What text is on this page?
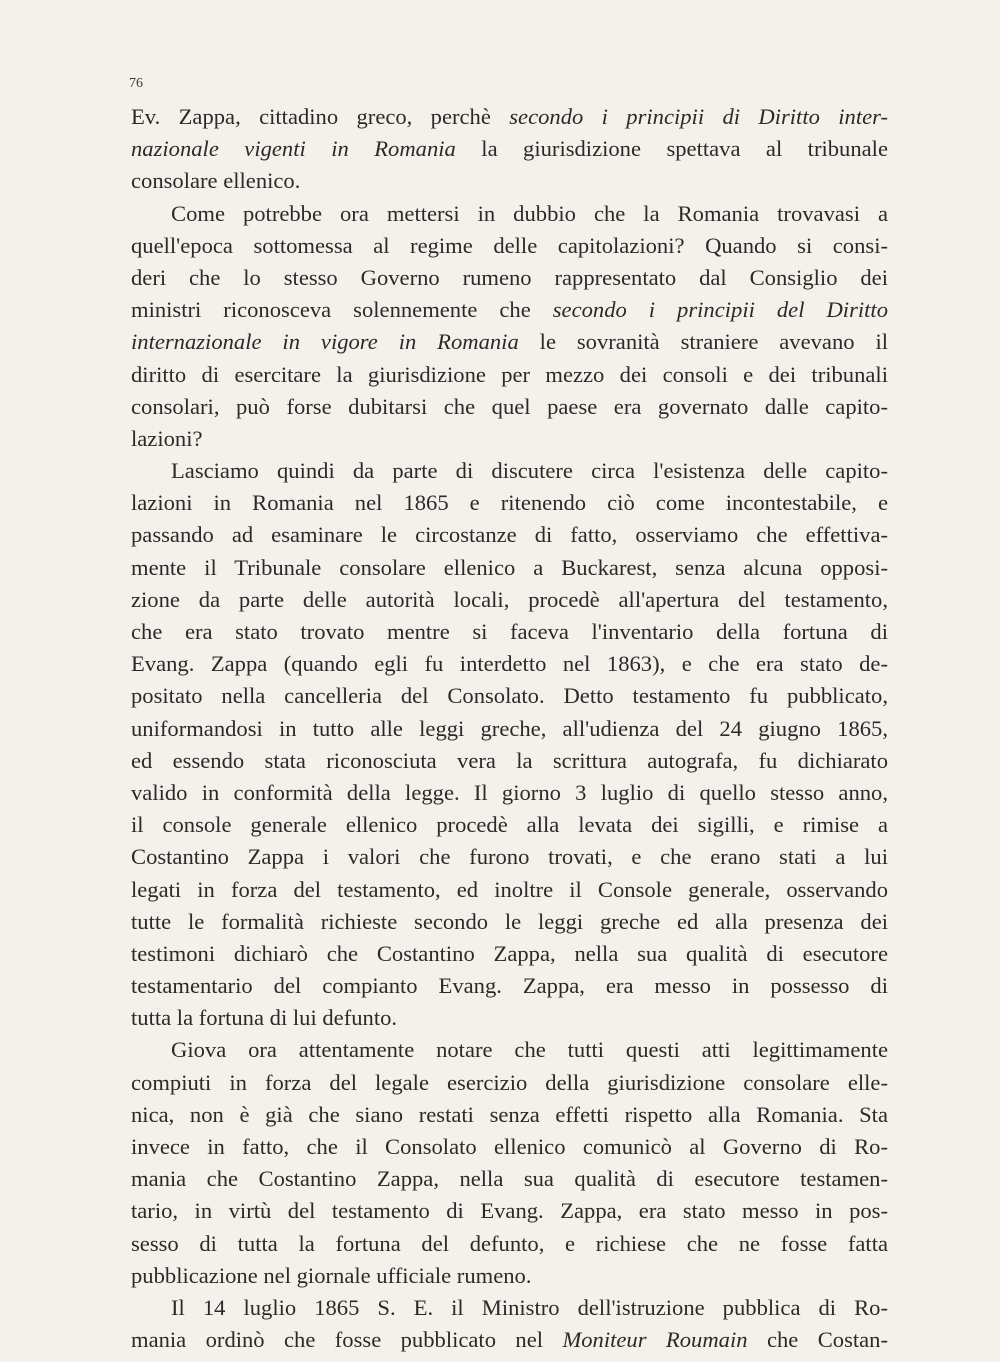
76
Ev. Zappa, cittadino greco, perchè secondo i principii di Diritto inter-
nazionale vigenti in Romania la giurisdizione spettava al tribunale
consolare ellenico.
Come potrebbe ora mettersi in dubbio che la Romania trovavasi a
quell'epoca sottomessa al regime delle capitolazioni? Quando si consi-
deri che lo stesso Governo rumeno rappresentato dal Consiglio dei
ministri riconosceva solennemente che secondo i principii del Diritto
internazionale in vigore in Romania le sovranità straniere avevano il
diritto di esercitare la giurisdizione per mezzo dei consoli e dei tribunali
consolari, può forse dubitarsi che quel paese era governato dalle capito-
lazioni?
Lasciamo quindi da parte di discutere circa l'esistenza delle capito-
lazioni in Romania nel 1865 e ritenendo ciò come incontestabile, e
passando ad esaminare le circostanze di fatto, osserviamo che effettiva-
mente il Tribunale consolare ellenico a Buckarest, senza alcuna opposi-
zione da parte delle autorità locali, procedè all'apertura del testamento,
che era stato trovato mentre si faceva l'inventario della fortuna di
Evang. Zappa (quando egli fu interdetto nel 1863), e che era stato de-
positato nella cancelleria del Consolato. Detto testamento fu pubblicato,
uniformandosi in tutto alle leggi greche, all'udienza del 24 giugno 1865,
ed essendo stata riconosciuta vera la scrittura autografa, fu dichiarato
valido in conformità della legge. Il giorno 3 luglio di quello stesso anno,
il console generale ellenico procedè alla levata dei sigilli, e rimise a
Costantino Zappa i valori che furono trovati, e che erano stati a lui
legati in forza del testamento, ed inoltre il Console generale, osservando
tutte le formalità richieste secondo le leggi greche ed alla presenza dei
testimoni dichiarò che Costantino Zappa, nella sua qualità di esecutore
testamentario del compianto Evang. Zappa, era messo in possesso di
tutta la fortuna di lui defunto.
Giova ora attentamente notare che tutti questi atti legittimamente
compiuti in forza del legale esercizio della giurisdizione consolare elle-
nica, non è già che siano restati senza effetti rispetto alla Romania. Sta
invece in fatto, che il Consolato ellenico comunicò al Governo di Ro-
mania che Costantino Zappa, nella sua qualità di esecutore testamen-
tario, in virtù del testamento di Evang. Zappa, era stato messo in pos-
sesso di tutta la fortuna del defunto, e richiese che ne fosse fatta
pubblicazione nel giornale ufficiale rumeno.
Il 14 luglio 1865 S. E. il Ministro dell'istruzione pubblica di Ro-
mania ordinò che fosse pubblicato nel Moniteur Roumain che Costan-
